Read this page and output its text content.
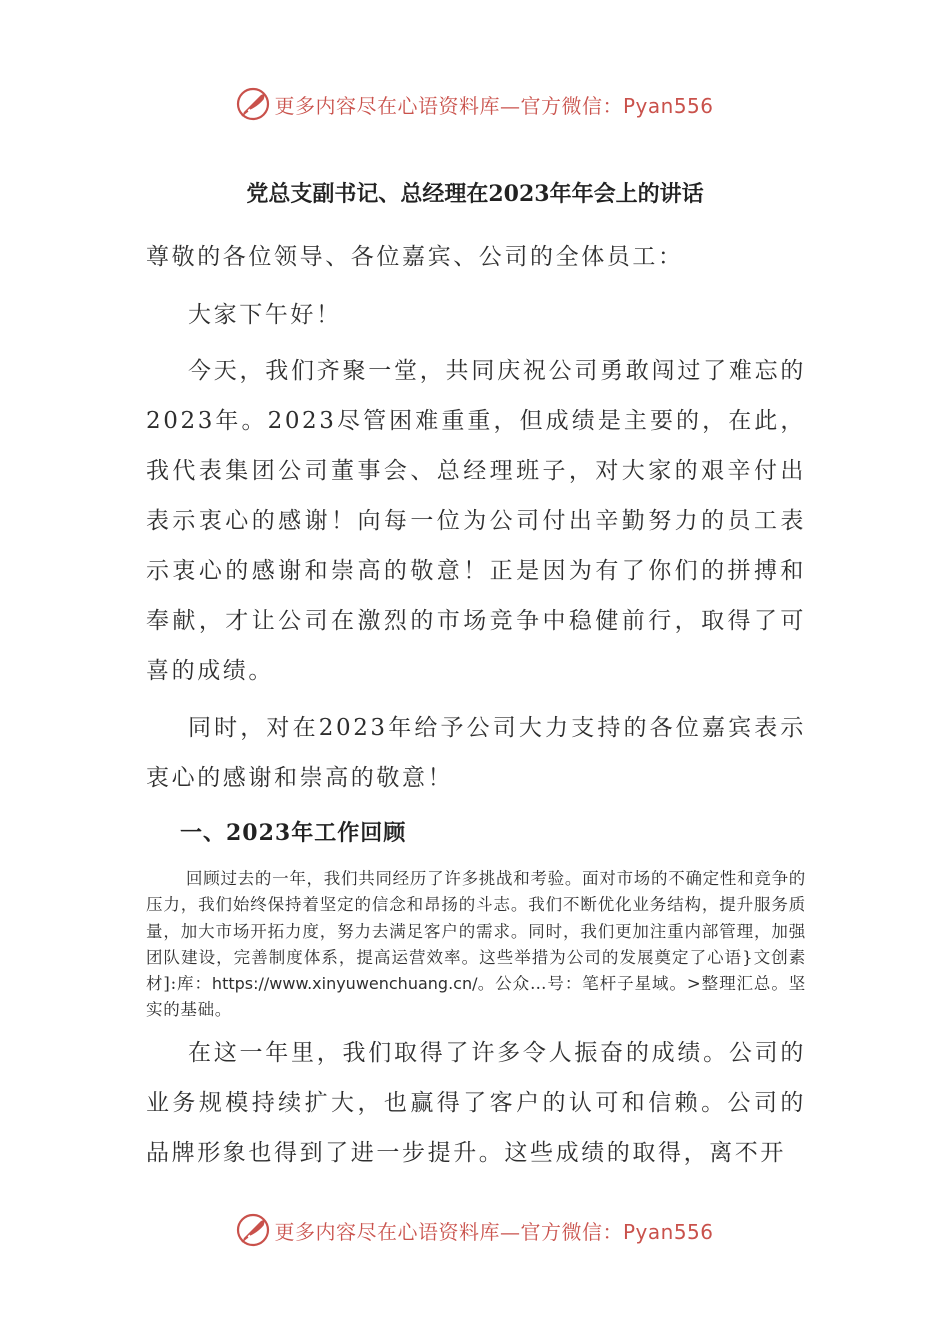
更多内容尽在心语资料库—官方微信：Pyan556
党总支副书记、总经理在2023年年会上的讲话
尊敬的各位领导、各位嘉宾、公司的全体员工：
大家下午好！
今天，我们齐聚一堂，共同庆祝公司勇敢闯过了难忘的2023年。2023尽管困难重重，但成绩是主要的，在此，我代表集团公司董事会、总经理班子，对大家的艰辛付出表示衷心的感谢！向每一位为公司付出辛勤努力的员工表示衷心的感谢和崇高的敬意！正是因为有了你们的拼搏和奉献，才让公司在激烈的市场竞争中稳健前行，取得了可喜的成绩。
同时，对在2023年给予公司大力支持的各位嘉宾表示衷心的感谢和崇高的敬意！
一、2023年工作回顾
回顾过去的一年，我们共同经历了许多挑战和考验。面对市场的不确定性和竞争的压力，我们始终保持着坚定的信念和昂扬的斗志。我们不断优化业务结构，提升服务质量，加大市场开拓力度，努力去满足客户的需求。同时，我们更加注重内部管理，加强团队建设，完善制度体系，提高运营效率。这些举措为公司的发展奠定了心语}文创素材]:库：https://www.xinyuwenchuang.cn/。公众…号：笔杆子星域。>整理汇总。坚实的基础。
在这一年里，我们取得了许多令人振奋的成绩。公司的业务规模持续扩大，也赢得了客户的认可和信赖。公司的品牌形象也得到了进一步提升。这些成绩的取得，离不开
更多内容尽在心语资料库—官方微信：Pyan556
